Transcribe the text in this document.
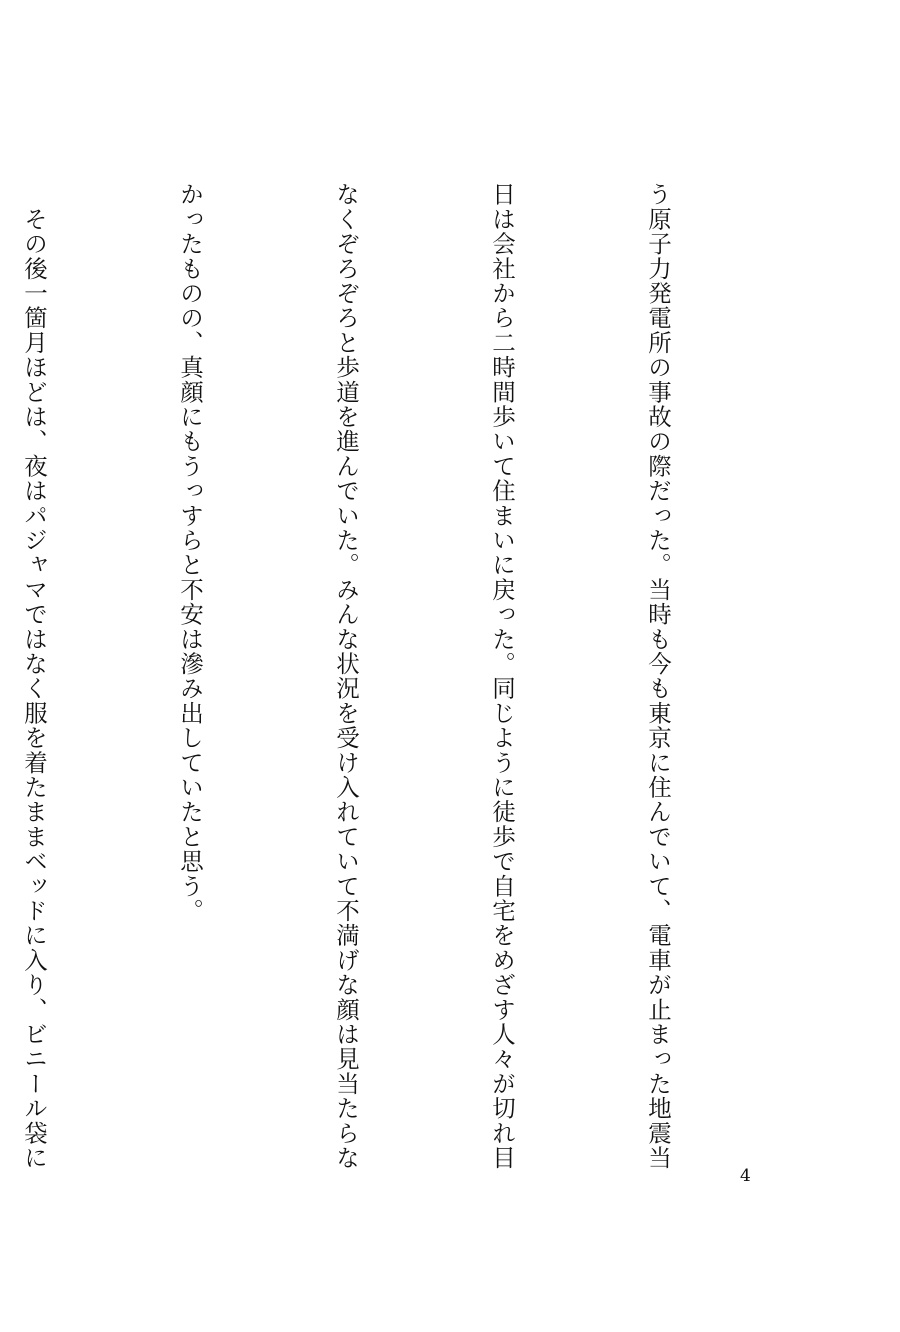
う原子力発電所の事故の際だった。当時も今も東京に住んでいて、電車が止まった地震当

日は会社から二時間歩いて住まいに戻った。同じように徒歩で自宅をめざす人々が切れ目

なくぞろぞろと歩道を進んでいた。みんな状況を受け入れていて不満げな顔は見当たらな

かったものの、真顔にもうっすらと不安は滲み出していたと思う。

その後一箇月ほどは、夜はパジャマではなく服を着たままベッドに入り、ビニール袋に

4
